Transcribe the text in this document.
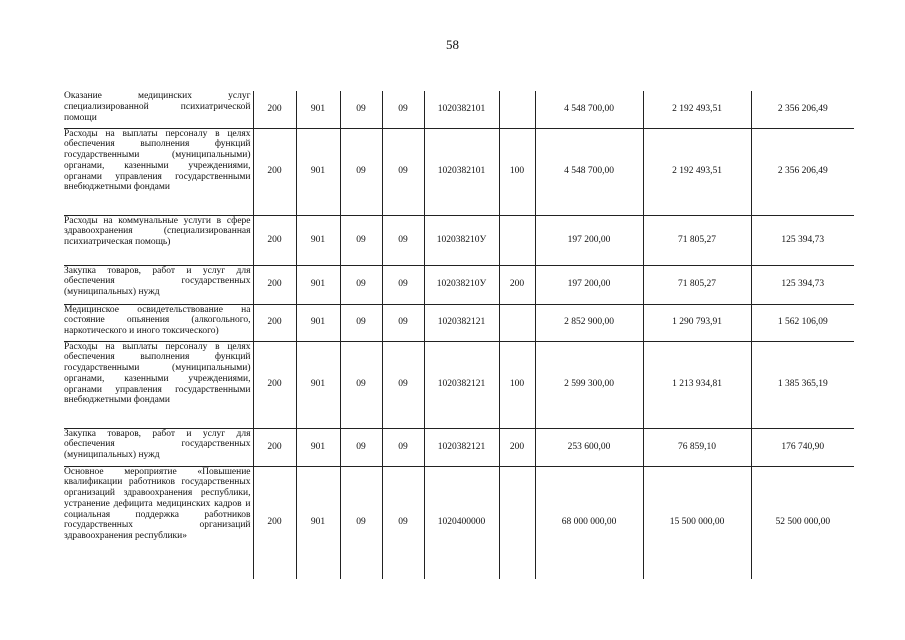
58
Оказание медицинских услуг специализированной психиатрической помощи	200	901	09	09	1020382101		4 548 700,00	2 192 493,51	2 356 206,49
Расходы на выплаты персоналу в целях обеспечения выполнения функций государственными (муниципальными) органами, казенными учреждениями, органами управления государственными внебюджетными фондами	200	901	09	09	1020382101	100	4 548 700,00	2 192 493,51	2 356 206,49
Расходы на коммунальные услуги в сфере здравоохранения (специализированная психиатрическая помощь)	200	901	09	09	102038210У		197 200,00	71 805,27	125 394,73
Закупка товаров, работ и услуг для обеспечения государственных (муниципальных) нужд	200	901	09	09	102038210У	200	197 200,00	71 805,27	125 394,73
Медицинское освидетельствование на состояние опьянения (алкогольного, наркотического и иного токсического)	200	901	09	09	1020382121		2 852 900,00	1 290 793,91	1 562 106,09
Расходы на выплаты персоналу в целях обеспечения выполнения функций государственными (муниципальными) органами, казенными учреждениями, органами управления государственными внебюджетными фондами	200	901	09	09	1020382121	100	2 599 300,00	1 213 934,81	1 385 365,19
Закупка товаров, работ и услуг для обеспечения государственных (муниципальных) нужд	200	901	09	09	1020382121	200	253 600,00	76 859,10	176 740,90
Основное мероприятие «Повышение квалификации работников государственных организаций здравоохранения республики, устранение дефицита медицинских кадров и социальная поддержка работников государственных организаций здравоохранения республики»	200	901	09	09	1020400000		68 000 000,00	15 500 000,00	52 500 000,00
